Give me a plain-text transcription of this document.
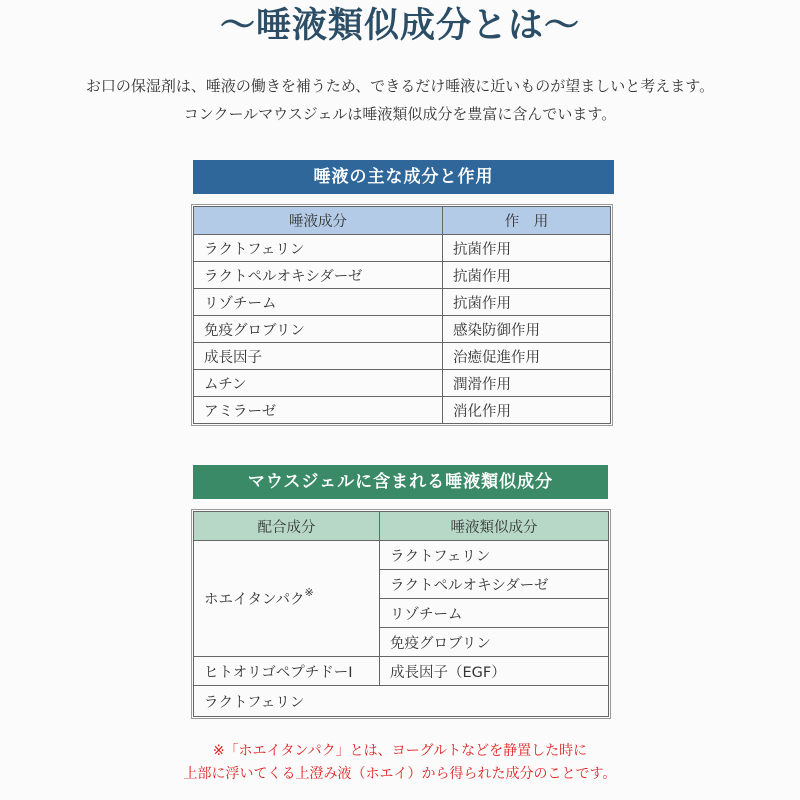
〜唾液類似成分とは〜
お口の保湿剤は、唾液の働きを補うため、できるだけ唾液に近いものが望ましいと考えます。
コンクールマウスジェルは唾液類似成分を豊富に含んでいます。
唾液の主な成分と作用
唾液成分	作　用
ラクトフェリン	抗菌作用
ラクトペルオキシダーゼ	抗菌作用
リゾチーム	抗菌作用
免疫グロブリン	感染防御作用
成長因子	治癒促進作用
ムチン	潤滑作用
アミラーゼ	消化作用
マウスジェルに含まれる唾液類似成分
配合成分	唾液類似成分
ホエイタンパク※	ラクトフェリン
	ラクトペルオキシダーゼ
	リゾチーム
	免疫グロブリン
ヒトオリゴペプチドーⅠ	成長因子（EGF）
ラクトフェリン	
※「ホエイタンパク」とは、ヨーグルトなどを静置した時に
上部に浮いてくる上澄み液（ホエイ）から得られた成分のことです。
